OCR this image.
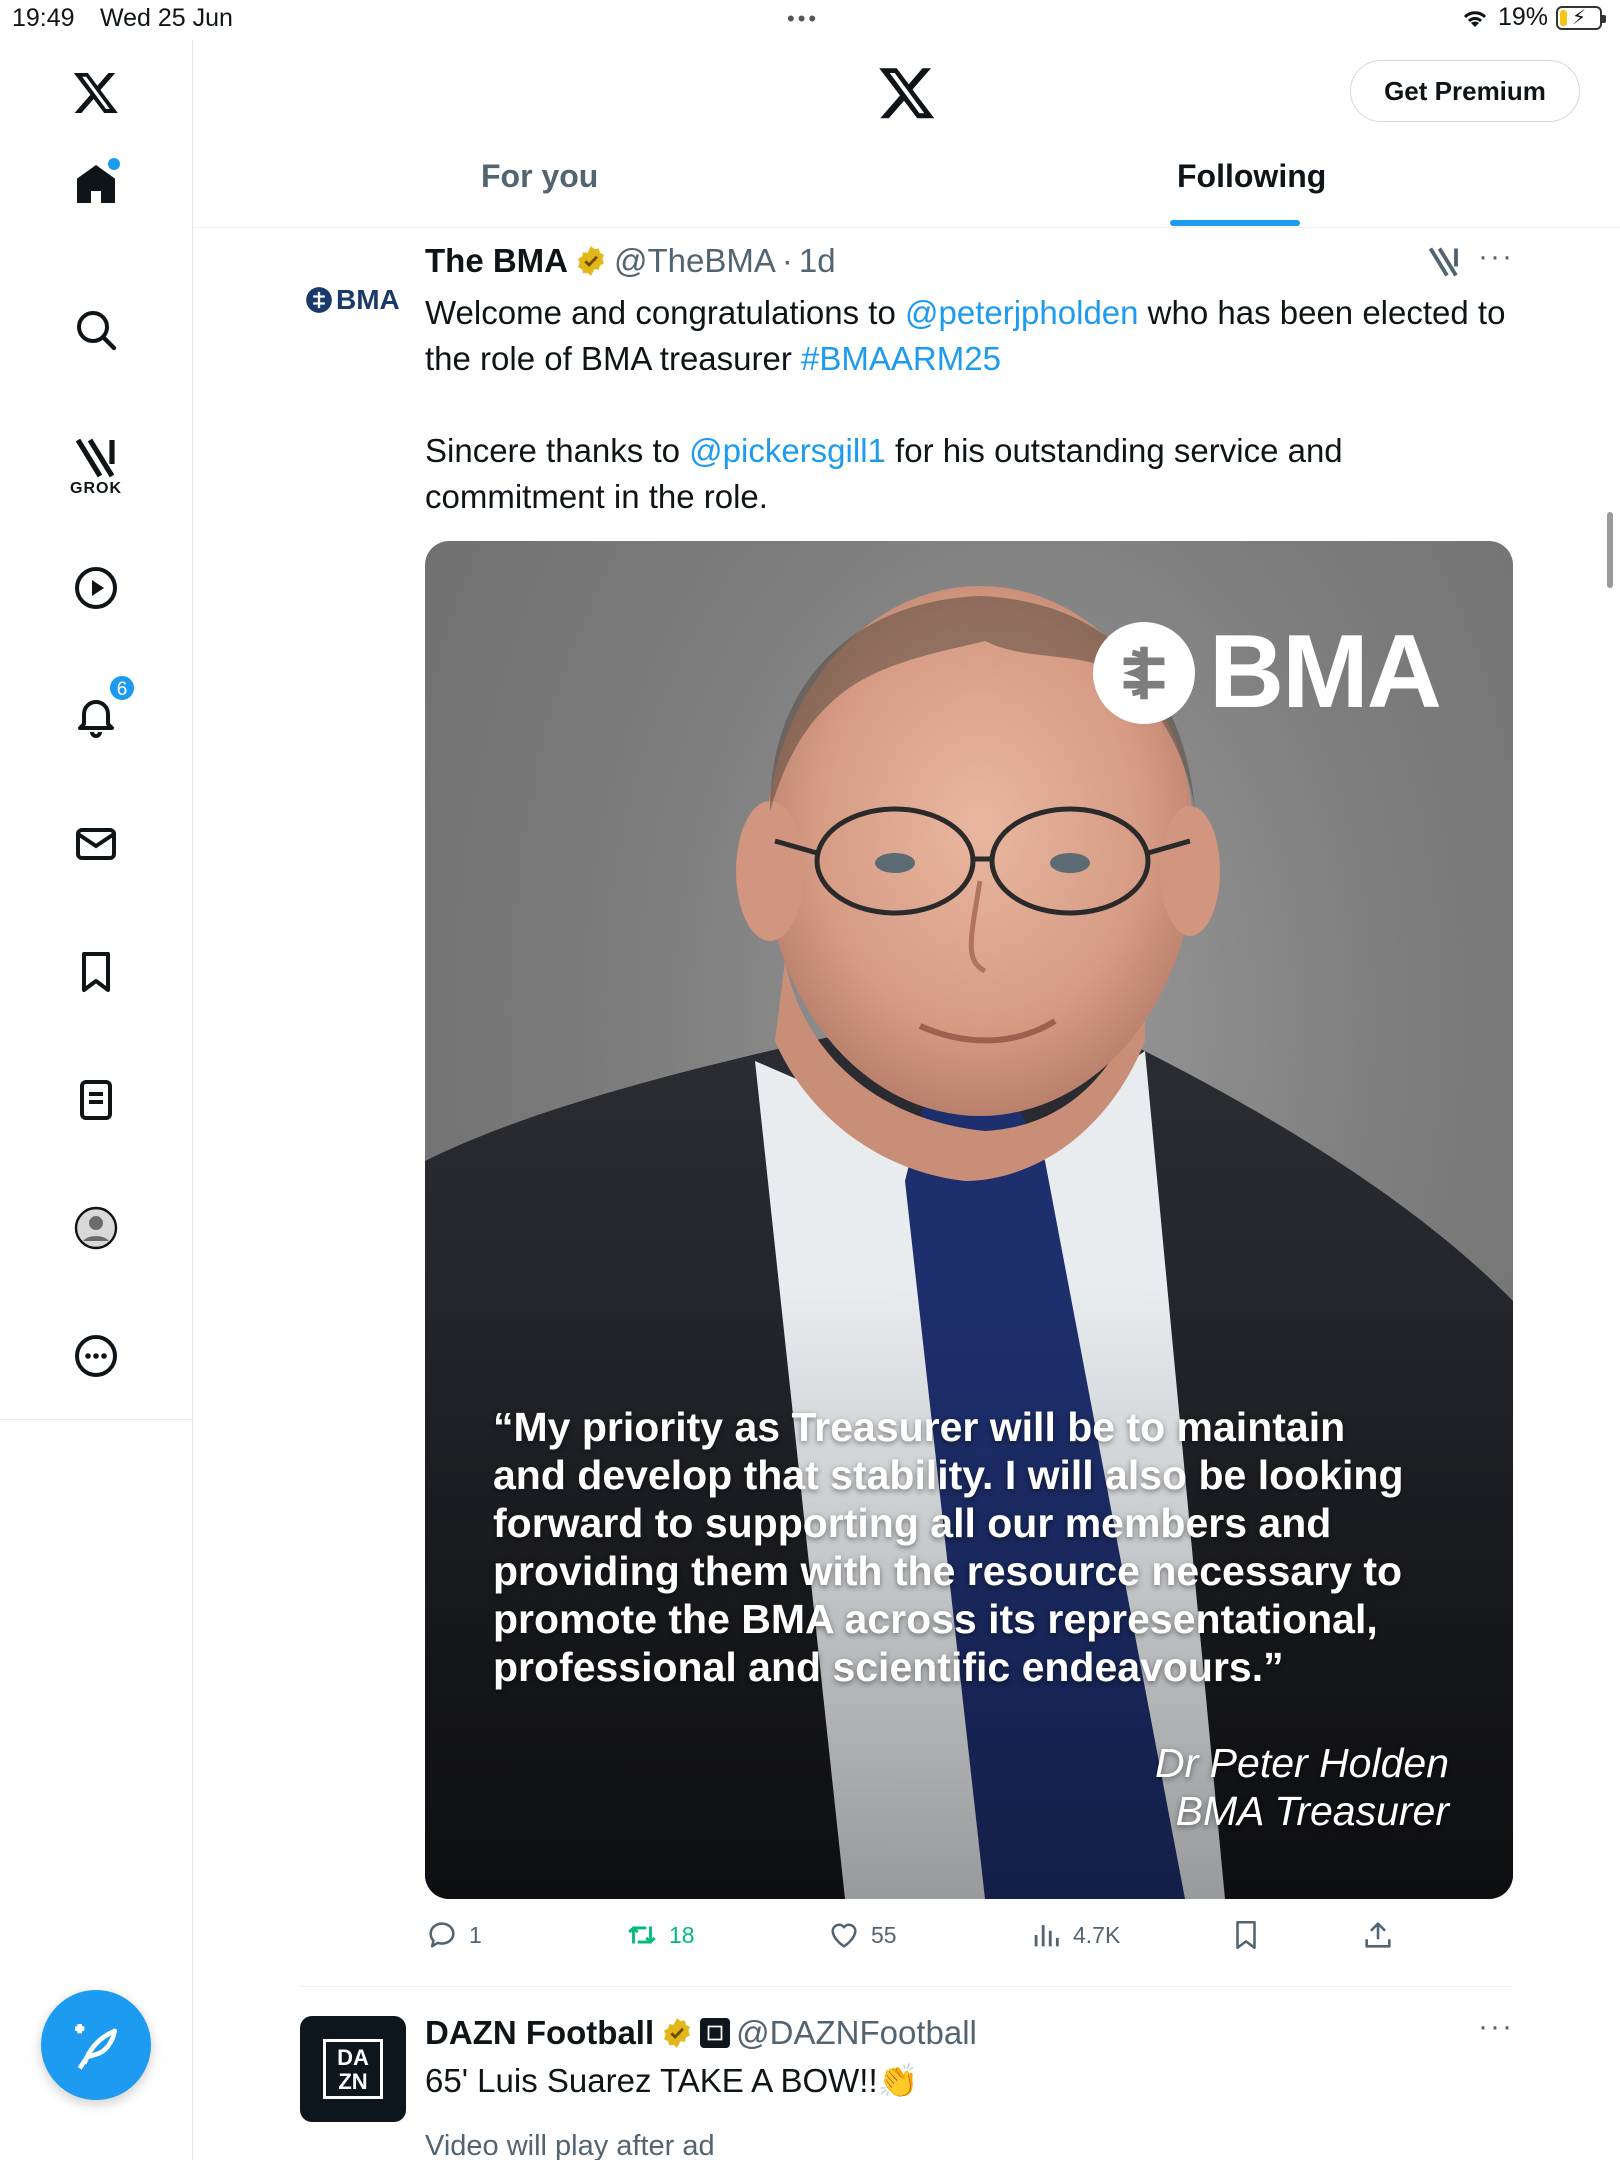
19:49 Wed 25 Jun	•••	19% ⚡
GROK
6
Get Premium
For you	Following
BMA
The BMA @TheBMA · 1d	···
Welcome and congratulations to @peterjpholden who has been elected to the role of BMA treasurer #BMAARM25
Sincere thanks to @pickersgill1 for his outstanding service and commitment in the role.
BMA
“My priority as Treasurer will be to maintain
and develop that stability. I will also be looking
forward to supporting all our members and
providing them with the resource necessary to
promote the BMA across its representational,
professional and scientific endeavours.”
Dr Peter Holden
BMA Treasurer
1	18	55	4.7K
DA
ZN
DAZN Football @DAZNFootball	···
65' Luis Suarez TAKE A BOW!!👏
Video will play after ad
